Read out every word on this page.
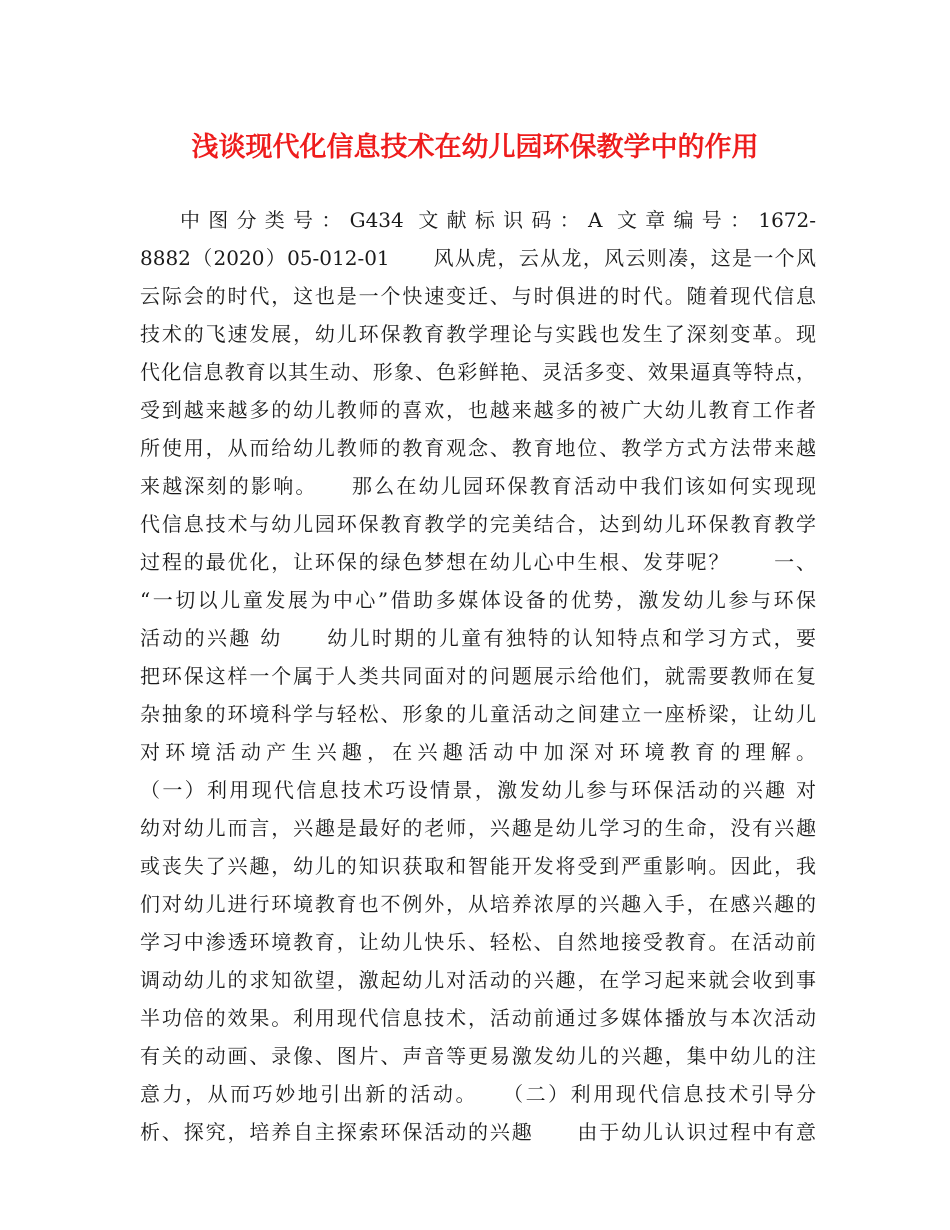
浅谈现代化信息技术在幼儿园环保教学中的作用
中图分类号：G434 文献标识码：A 文章编号：1672-
8882（2020）05-012-01　　风从虎，云从龙，风云则凑，这是一个风
云际会的时代，这也是一个快速变迁、与时俱进的时代。随着现代信息
技术的飞速发展，幼儿环保教育教学理论与实践也发生了深刻变革。现
代化信息教育以其生动、形象、色彩鲜艳、灵活多变、效果逼真等特点，
受到越来越多的幼儿教师的喜欢，也越来越多的被广大幼儿教育工作者
所使用，从而给幼儿教师的教育观念、教育地位、教学方式方法带来越
来越深刻的影响。　　那么在幼儿园环保教育活动中我们该如何实现现
代信息技术与幼儿园环保教育教学的完美结合，达到幼儿环保教育教学
过程的最优化，让环保的绿色梦想在幼儿心中生根、发芽呢？　　一、
“一切以儿童发展为中心”借助多媒体设备的优势，激发幼儿参与环保
活动的兴趣 幼　　幼儿时期的儿童有独特的认知特点和学习方式，要
把环保这样一个属于人类共同面对的问题展示给他们，就需要教师在复
杂抽象的环境科学与轻松、形象的儿童活动之间建立一座桥梁，让幼儿
对环境活动产生兴趣，在兴趣活动中加深对环境教育的理解。
（一）利用现代信息技术巧设情景，激发幼儿参与环保活动的兴趣 对
幼对幼儿而言，兴趣是最好的老师，兴趣是幼儿学习的生命，没有兴趣
或丧失了兴趣，幼儿的知识获取和智能开发将受到严重影响。因此，我
们对幼儿进行环境教育也不例外，从培养浓厚的兴趣入手，在感兴趣的
学习中渗透环境教育，让幼儿快乐、轻松、自然地接受教育。在活动前
调动幼儿的求知欲望，激起幼儿对活动的兴趣，在学习起来就会收到事
半功倍的效果。利用现代信息技术，活动前通过多媒体播放与本次活动
有关的动画、录像、图片、声音等更易激发幼儿的兴趣，集中幼儿的注
意力，从而巧妙地引出新的活动。　　（二）利用现代信息技术引导分
析、探究，培养自主探索环保活动的兴趣　　由于幼儿认识过程中有意
